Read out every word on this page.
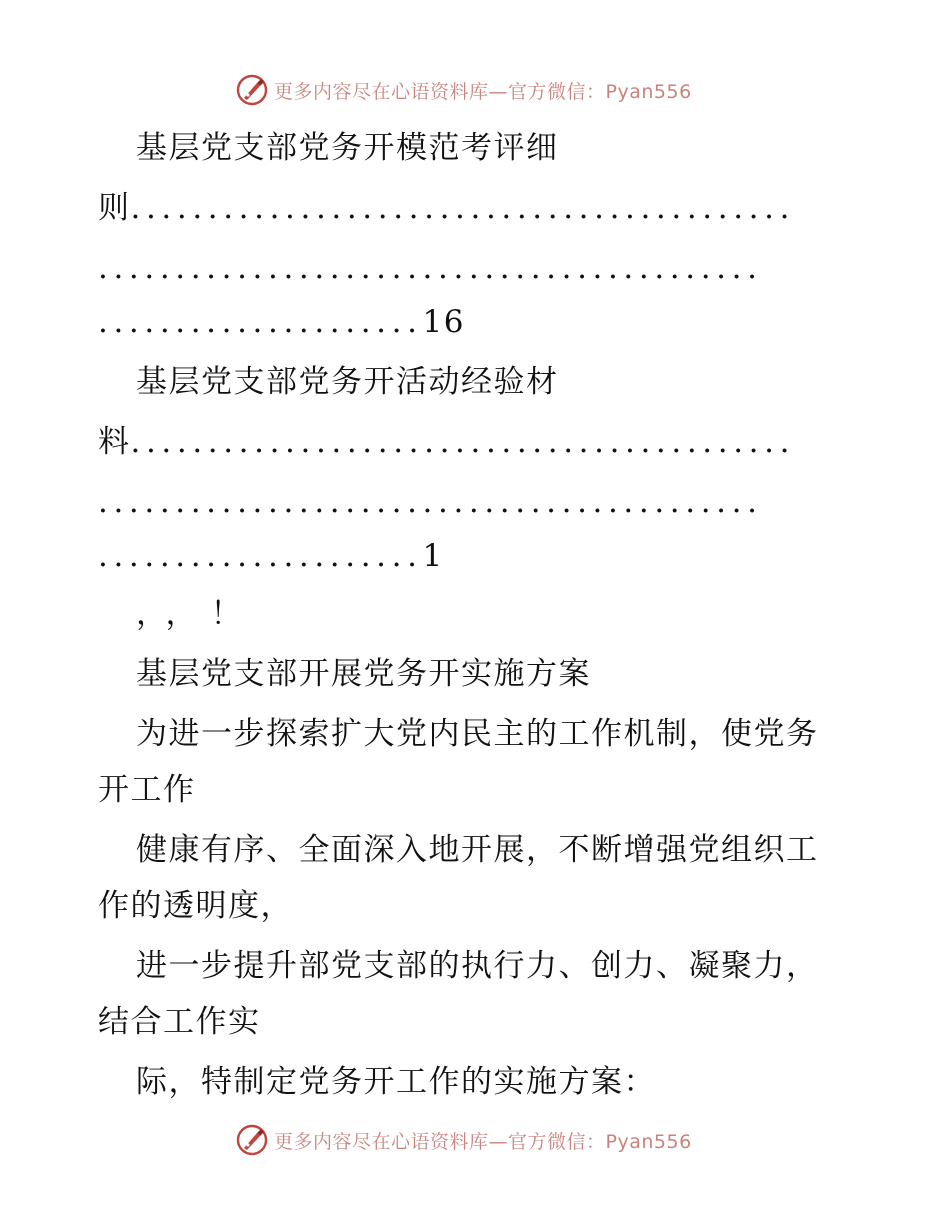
更多内容尽在心语资料库—官方微信：Pyan556
基层党支部党务开模范考评细
则...........................................
...........................................
.....................16
基层党支部党务开活动经验材
料...........................................
...........................................
.....................1
，，！
基层党支部开展党务开实施方案
为进一步探索扩大党内民主的工作机制，使党务
开工作
健康有序、全面深入地开展，不断增强党组织工
作的透明度，
进一步提升部党支部的执行力、创力、凝聚力，
结合工作实
际，特制定党务开工作的实施方案：
更多内容尽在心语资料库—官方微信：Pyan556
